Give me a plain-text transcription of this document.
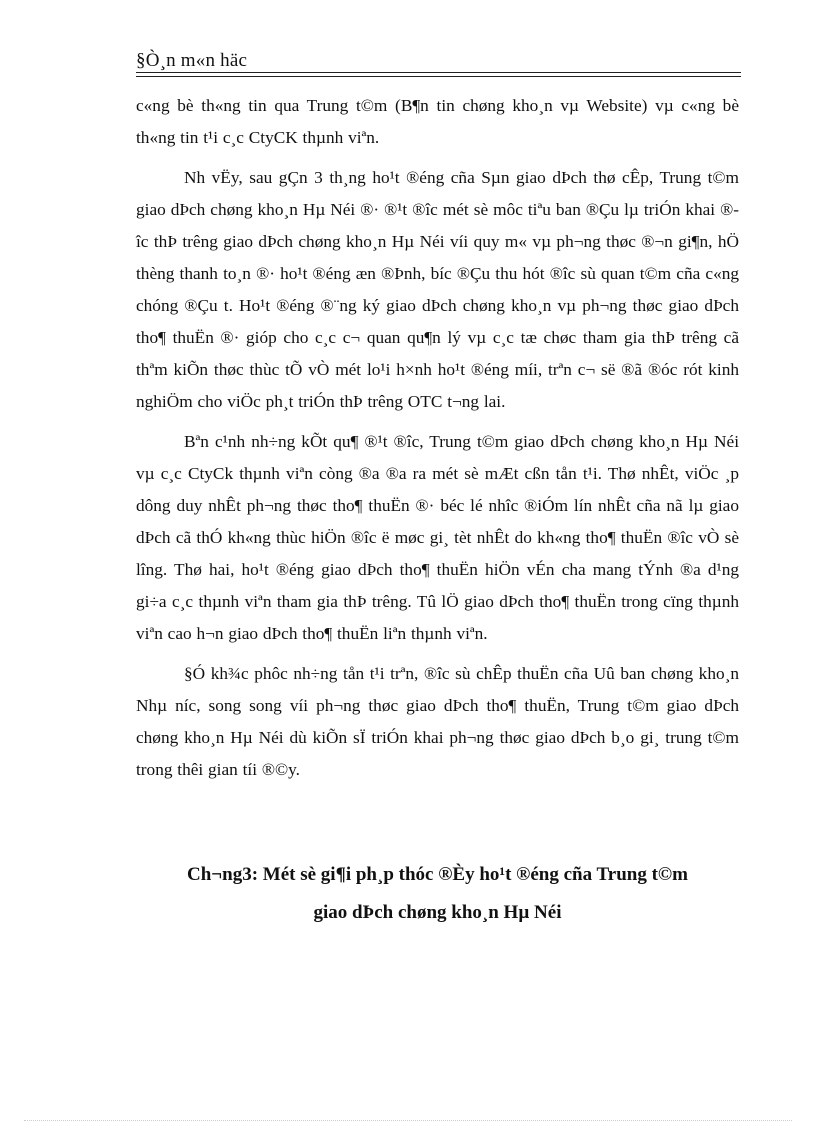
§Ò¸n m«n häc

c«ng bè th«ng tin qua Trung t©m (B¶n tin chøng kho¸n vµ Website) vµ c«ng bè th«ng tin t¹i c¸c CtyCK thµnh viªn.

Nh vËy, sau gÇn 3 th¸ng ho¹t ®éng cña Sµn giao dÞch thø cÊp, Trung t©m giao dÞch chøng kho¸n Hµ Néi ®· ®¹t ®îc mét sè môc tiªu ban ®Çu lµ triÓn khai ®îc thÞ trêng giao dÞch chøng kho¸n Hµ Néi víi quy m« vµ ph¬ng thøc ®¬n gi¶n, hÖ thèng thanh to¸n ®· ho¹t ®éng æn ®Þnh, bíc ®Çu thu hót ®îc sù quan t©m cña c«ng chóng ®Çu t. Ho¹t ®éng ®¨ng ký giao dÞch chøng kho¸n vµ ph¬ng thøc giao dÞch tho¶ thuËn ®· gióp cho c¸c c¬ quan qu¶n lý vµ c¸c tæ chøc tham gia thÞ trêng cã thªm kiÕn thøc thùc tÕ vÒ mét lo¹i h×nh ho¹t ®éng míi, trªn c¬ së ®ã ®óc rót kinh nghiÖm cho viÖc ph¸t triÓn thÞ trêng OTC t¬ng lai.

Bªn c¹nh nh÷ng kÕt qu¶ ®¹t ®îc, Trung t©m giao dÞch chøng kho¸n Hµ Néi vµ c¸c CtyCk thµnh viªn còng ®a ®a ra mét sè mÆt cßn tån t¹i. Thø nhÊt, viÖc ¸p dông duy nhÊt ph¬ng thøc tho¶ thuËn ®· béc lé nhîc ®iÓm lín nhÊt cña nã lµ giao dÞch cã thÓ kh«ng thùc hiÖn ®îc ë møc gi¸ tèt nhÊt do kh«ng tho¶ thuËn ®îc vÒ sè lîng. Thø hai, ho¹t ®éng giao dÞch tho¶ thuËn hiÖn vÉn cha mang tÝnh ®a d¹ng gi÷a c¸c thµnh viªn tham gia thÞ trêng. Tû lÖ giao dÞch tho¶ thuËn trong cïng thµnh viªn cao h¬n giao dÞch tho¶ thuËn liªn thµnh viªn.

§Ó kh¾c phôc nh÷ng tån t¹i trªn, ®îc sù chÊp thuËn cña Uû ban chøng kho¸n Nhµ níc, song song víi ph¬ng thøc giao dÞch tho¶ thuËn, Trung t©m giao dÞch chøng kho¸n Hµ Néi dù kiÕn sÏ triÓn khai ph¬ng thøc giao dÞch b¸o gi¸ trung t©m trong thêi gian tíi ®©y.

Ch¬ng3: Mét sè gi¶i ph¸p thóc ®Èy ho¹t ®éng cña Trung t©m
giao dÞch chøng kho¸n Hµ Néi
